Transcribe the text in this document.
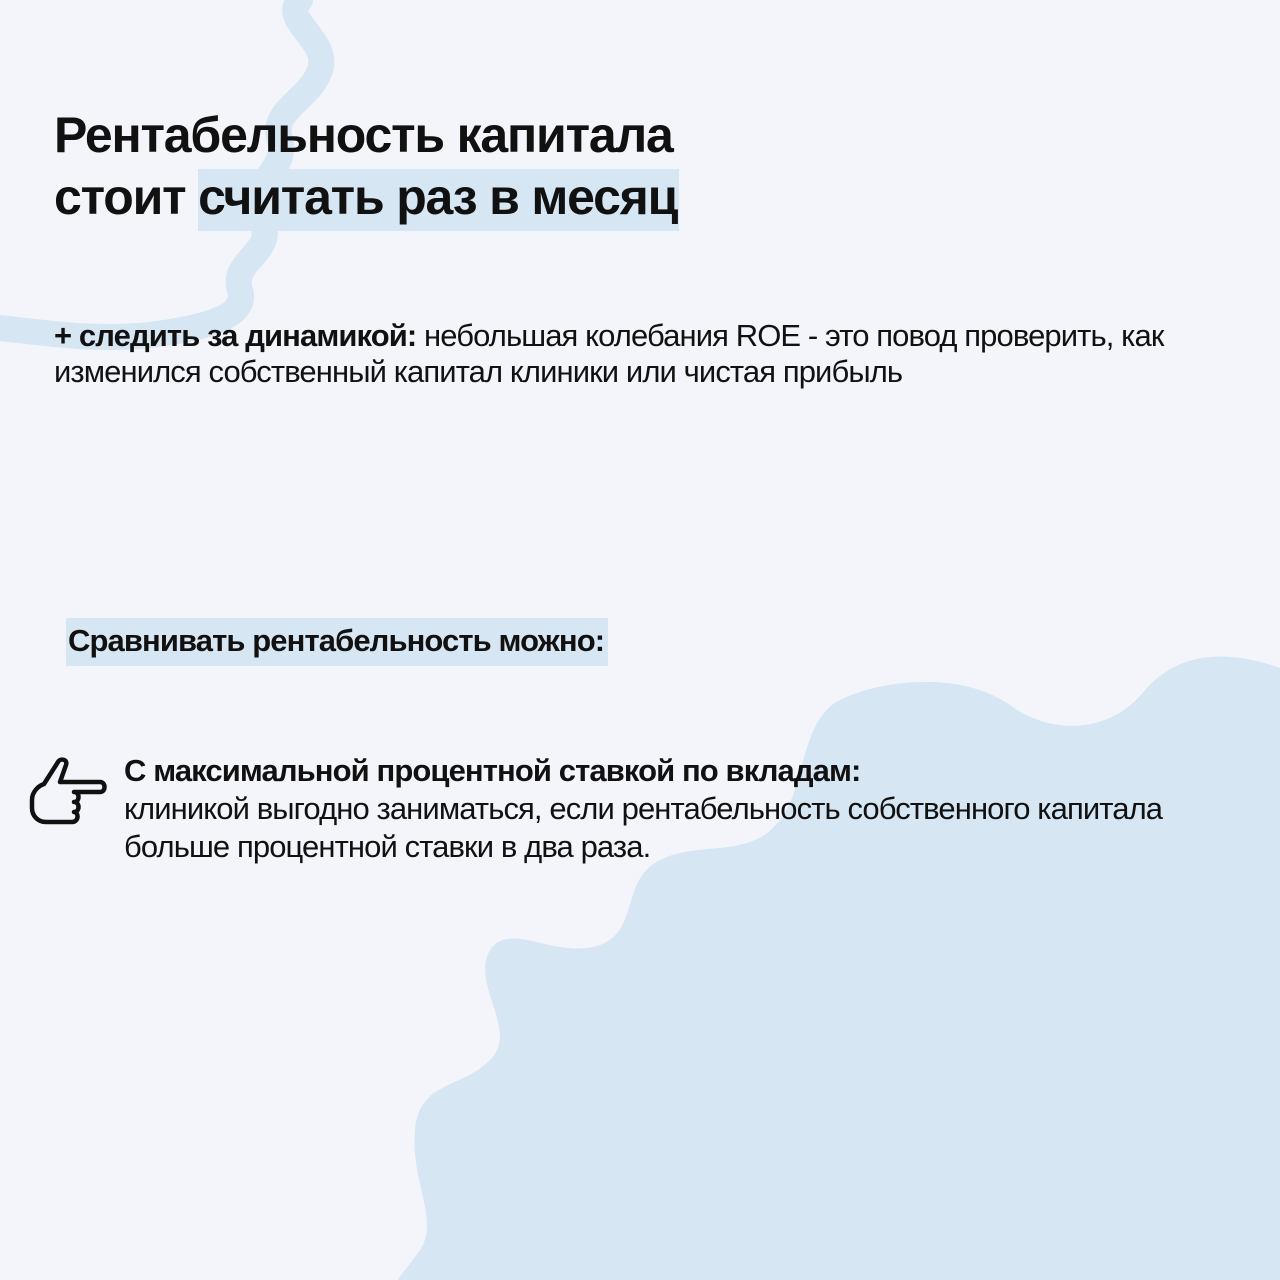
Рентабельность капитала
стоит считать раз в месяц

+ следить за динамикой: небольшая колебания ROE - это повод проверить, как изменился собственный капитал клиники или чистая прибыль

Сравнивать рентабельность можно:
С максимальной процентной ставкой по вкладам:
клиникой выгодно заниматься, если рентабельность собственного капитала больше процентной ставки в два раза.
